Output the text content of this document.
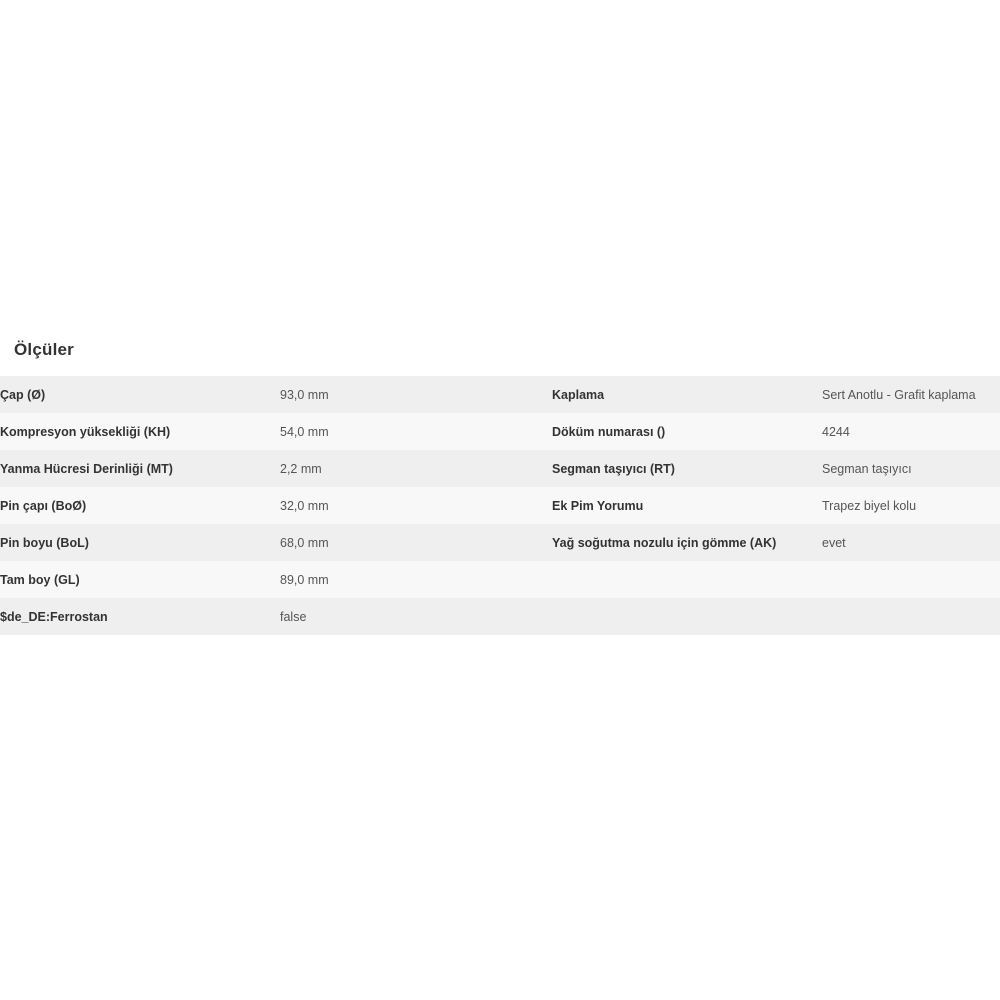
Ölçüler
Çap (Ø)	93,0 mm	Kaplama	Sert Anotlu - Grafit kaplama
Kompresyon yüksekliği (KH)	54,0 mm	Döküm numarası ()	4244
Yanma Hücresi Derinliği (MT)	2,2 mm	Segman taşıyıcı (RT)	Segman taşıyıcı
Pin çapı (BoØ)	32,0 mm	Ek Pim Yorumu	Trapez biyel kolu
Pin boyu (BoL)	68,0 mm	Yağ soğutma nozulu için gömme (AK)	evet
Tam boy (GL)	89,0 mm		
$de_DE:Ferrostan	false		
